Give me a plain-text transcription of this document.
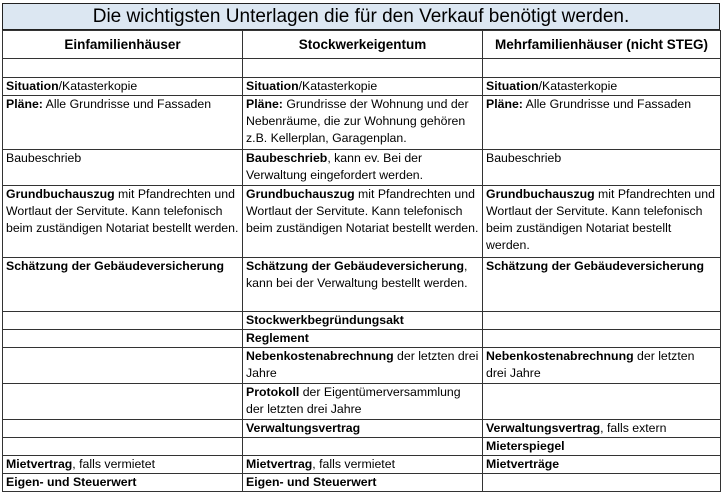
Die wichtigsten Unterlagen die für den Verkauf benötigt werden.
Einfamilienhäuser	Stockwerkeigentum	Mehrfamilienhäuser (nicht STEG)

Situation/Katasterkopie	Situation/Katasterkopie	Situation/Katasterkopie
Pläne: Alle Grundrisse und Fassaden	Pläne: Grundrisse der Wohnung und der Nebenräume, die zur Wohnung gehören z.B. Kellerplan, Garagenplan.	Pläne: Alle Grundrisse und Fassaden
Baubeschrieb	Baubeschrieb, kann ev. Bei der Verwaltung eingefordert werden.	Baubeschrieb
Grundbuchauszug mit Pfandrechten und Wortlaut der Servitute. Kann telefonisch beim zuständigen Notariat bestellt werden.	Grundbuchauszug mit Pfandrechten und Wortlaut der Servitute. Kann telefonisch beim zuständigen Notariat bestellt werden.	Grundbuchauszug mit Pfandrechten und Wortlaut der Servitute. Kann telefonisch beim zuständigen Notariat bestellt werden.
Schätzung der Gebäudeversicherung	Schätzung der Gebäudeversicherung, kann bei der Verwaltung bestellt werden.	Schätzung der Gebäudeversicherung
	Stockwerkbegründungsakt	
	Reglement	
	Nebenkostenabrechnung der letzten drei Jahre	Nebenkostenabrechnung der letzten drei Jahre
	Protokoll der Eigentümerversammlung der letzten drei Jahre	
	Verwaltungsvertrag	Verwaltungsvertrag, falls extern
		Mieterspiegel
Mietvertrag, falls vermietet	Mietvertrag, falls vermietet	Mietverträge
Eigen- und Steuerwert	Eigen- und Steuerwert	
